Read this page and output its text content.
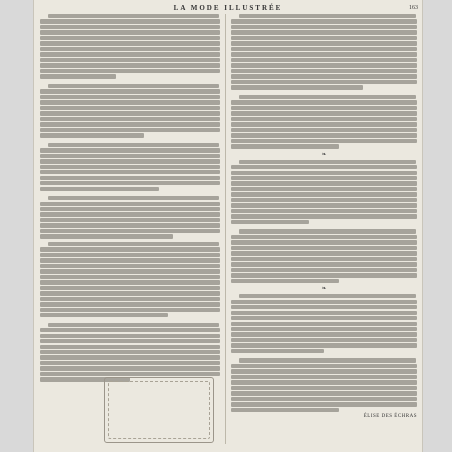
LA MODE ILLUSTRÉE	163
❧
❧
ÉLISE DES ÉCHRAS
